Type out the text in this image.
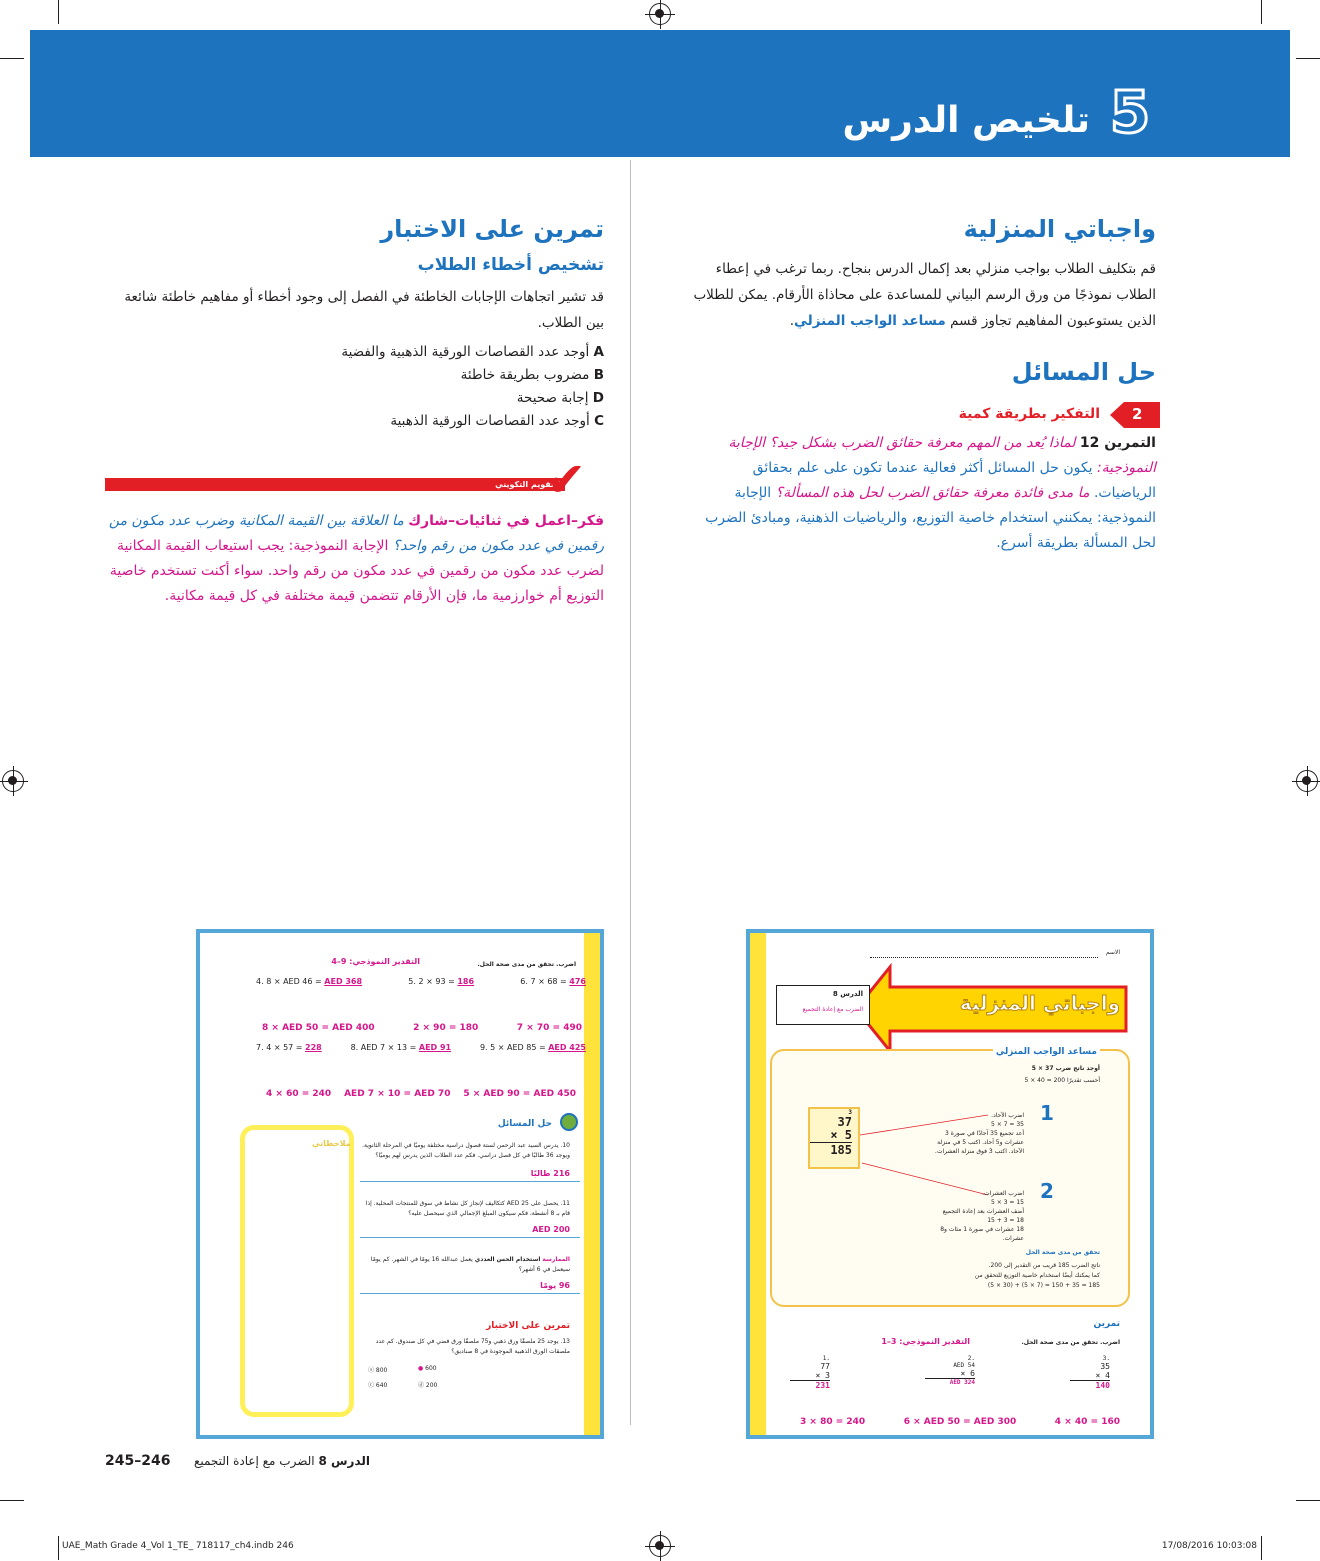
5
تلخيص الدرس
واجباتي المنزلية
قم بتكليف الطلاب بواجب منزلي بعد إكمال الدرس بنجاح. ربما ترغب في إعطاء الطلاب نموذجًا من ورق الرسم البياني للمساعدة على محاذاة الأرقام. يمكن للطلاب الذين يستوعبون المفاهيم تجاوز قسم مساعد الواجب المنزلي.
حل المسائل
2
التفكير بطريقة كمية
التمرين 12 لماذا يُعد من المهم معرفة حقائق الضرب بشكل جيد؟ الإجابة النموذجية: يكون حل المسائل أكثر فعالية عندما تكون على علم بحقائق الرياضيات. ما مدى فائدة معرفة حقائق الضرب لحل هذه المسألة؟ الإجابة النموذجية: يمكنني استخدام خاصية التوزيع، والرياضيات الذهنية، ومبادئ الضرب لحل المسألة بطريقة أسرع.
تمرين على الاختبار
تشخيص أخطاء الطلاب
قد تشير اتجاهات الإجابات الخاطئة في الفصل إلى وجود أخطاء أو مفاهيم خاطئة شائعة بين الطلاب.
A أوجد عدد القصاصات الورقية الذهبية والفضية
B مضروب بطريقة خاطئة
D إجابة صحيحة
C أوجد عدد القصاصات الورقية الذهبية
التقويم التكويني
✔
فكر–اعمل في ثنائيات–شارك ما العلاقة بين القيمة المكانية وضرب عدد مكون من رقمين في عدد مكون من رقم واحد؟ الإجابة النموذجية: يجب استيعاب القيمة المكانية لضرب عدد مكون من رقمين في عدد مكون من رقم واحد. سواء أكنت تستخدم خاصية التوزيع أم خوارزمية ما، فإن الأرقام تتضمن قيمة مختلفة في كل قيمة مكانية.
اضرب. تحقق من مدى صحة الحل.
التقدير النموذجي: 9–4
4. 8 × AED 46 = AED 368	5. 2 × 93 = 186	6. 7 × 68 = 476
8 × AED 50 = AED 400	2 × 90 = 180	7 × 70 = 490
7. 4 × 57 = 228	8. AED 7 × 13 = AED 91	9. 5 × AED 85 = AED 425
4 × 60 = 240 AED 7 × 10 = AED 70 5 × AED 90 = AED 450
حل المسائل
10. يدرس السيد عبد الرحمن لستة فصول دراسية مختلفة يوميًا في المرحلة الثانوية. ويوجد 36 طالبًا في كل فصل دراسي. فكم عدد الطلاب الذين يدرس لهم يوميًا؟
216 طالبًا
11. يحصل على AED 25 كتكاليف لإنجاز كل نشاط في سوق للمنتجات المحلية. إذا قام بـ 8 أنشطة، فكم سيكون المبلغ الإجمالي الذي سيحصل عليه؟
AED 200
الممارسة استخدام الحس العددي يعمل عبدالله 16 يومًا في الشهر. كم يومًا سيعمل في 6 أشهر؟
96 يومًا
تمرين على الاختبار
13. يوجد 25 ملصقًا ورق ذهبي و75 ملصقًا ورق فضي في كل صندوق. كم عدد ملصقات الورق الذهبية الموجودة في 8 صناديق؟
ⓐ 800	● 600
ⓒ 640	ⓓ 200
ملاحظاتي
الاسم
واجباتي المنزلية
الدرس 8
الضرب مع إعادة التجميع
مساعد الواجب المنزلي
أوجد ناتج ضرب 37 × 5
أحسب تقديرًا 200 = 40 × 5
3
37
× 5
185
1
اضرب الآحاد.
35 = 7 × 5
أعد تجميع 35 آحادًا في صورة 3 عشرات و5 آحاد. اكتب 5 في منزلة الآحاد. اكتب 3 فوق منزلة العشرات.
2
اضرب العشرات.
15 = 3 × 5
أضف العشرات بعد إعادة التجميع
18 = 3 + 15
18 عشرات في صورة 1 مئات و8 عشرات.
تحقق من مدى صحة الحل
ناتج الضرب 185 قريب من التقدير إلى 200.
كما يمكنك أيضًا استخدام خاصية التوزيع للتحقق من
185 = 35 + 150 = (7 × 5) + (30 × 5)
تمرين
اضرب. تحقق من مدى صحة الحل.
التقدير النموذجي: 3–1
1.
77
× 3
231
2.
AED 54
× 6
AED 324
3.
35
× 4
140
3 × 80 = 240	6 × AED 50 = AED 300	4 × 40 = 160
245–246	الدرس 8 الضرب مع إعادة التجميع
UAE_Math Grade 4_Vol 1_TE_ 718117_ch4.indb 246	17/08/2016 10:03:08
